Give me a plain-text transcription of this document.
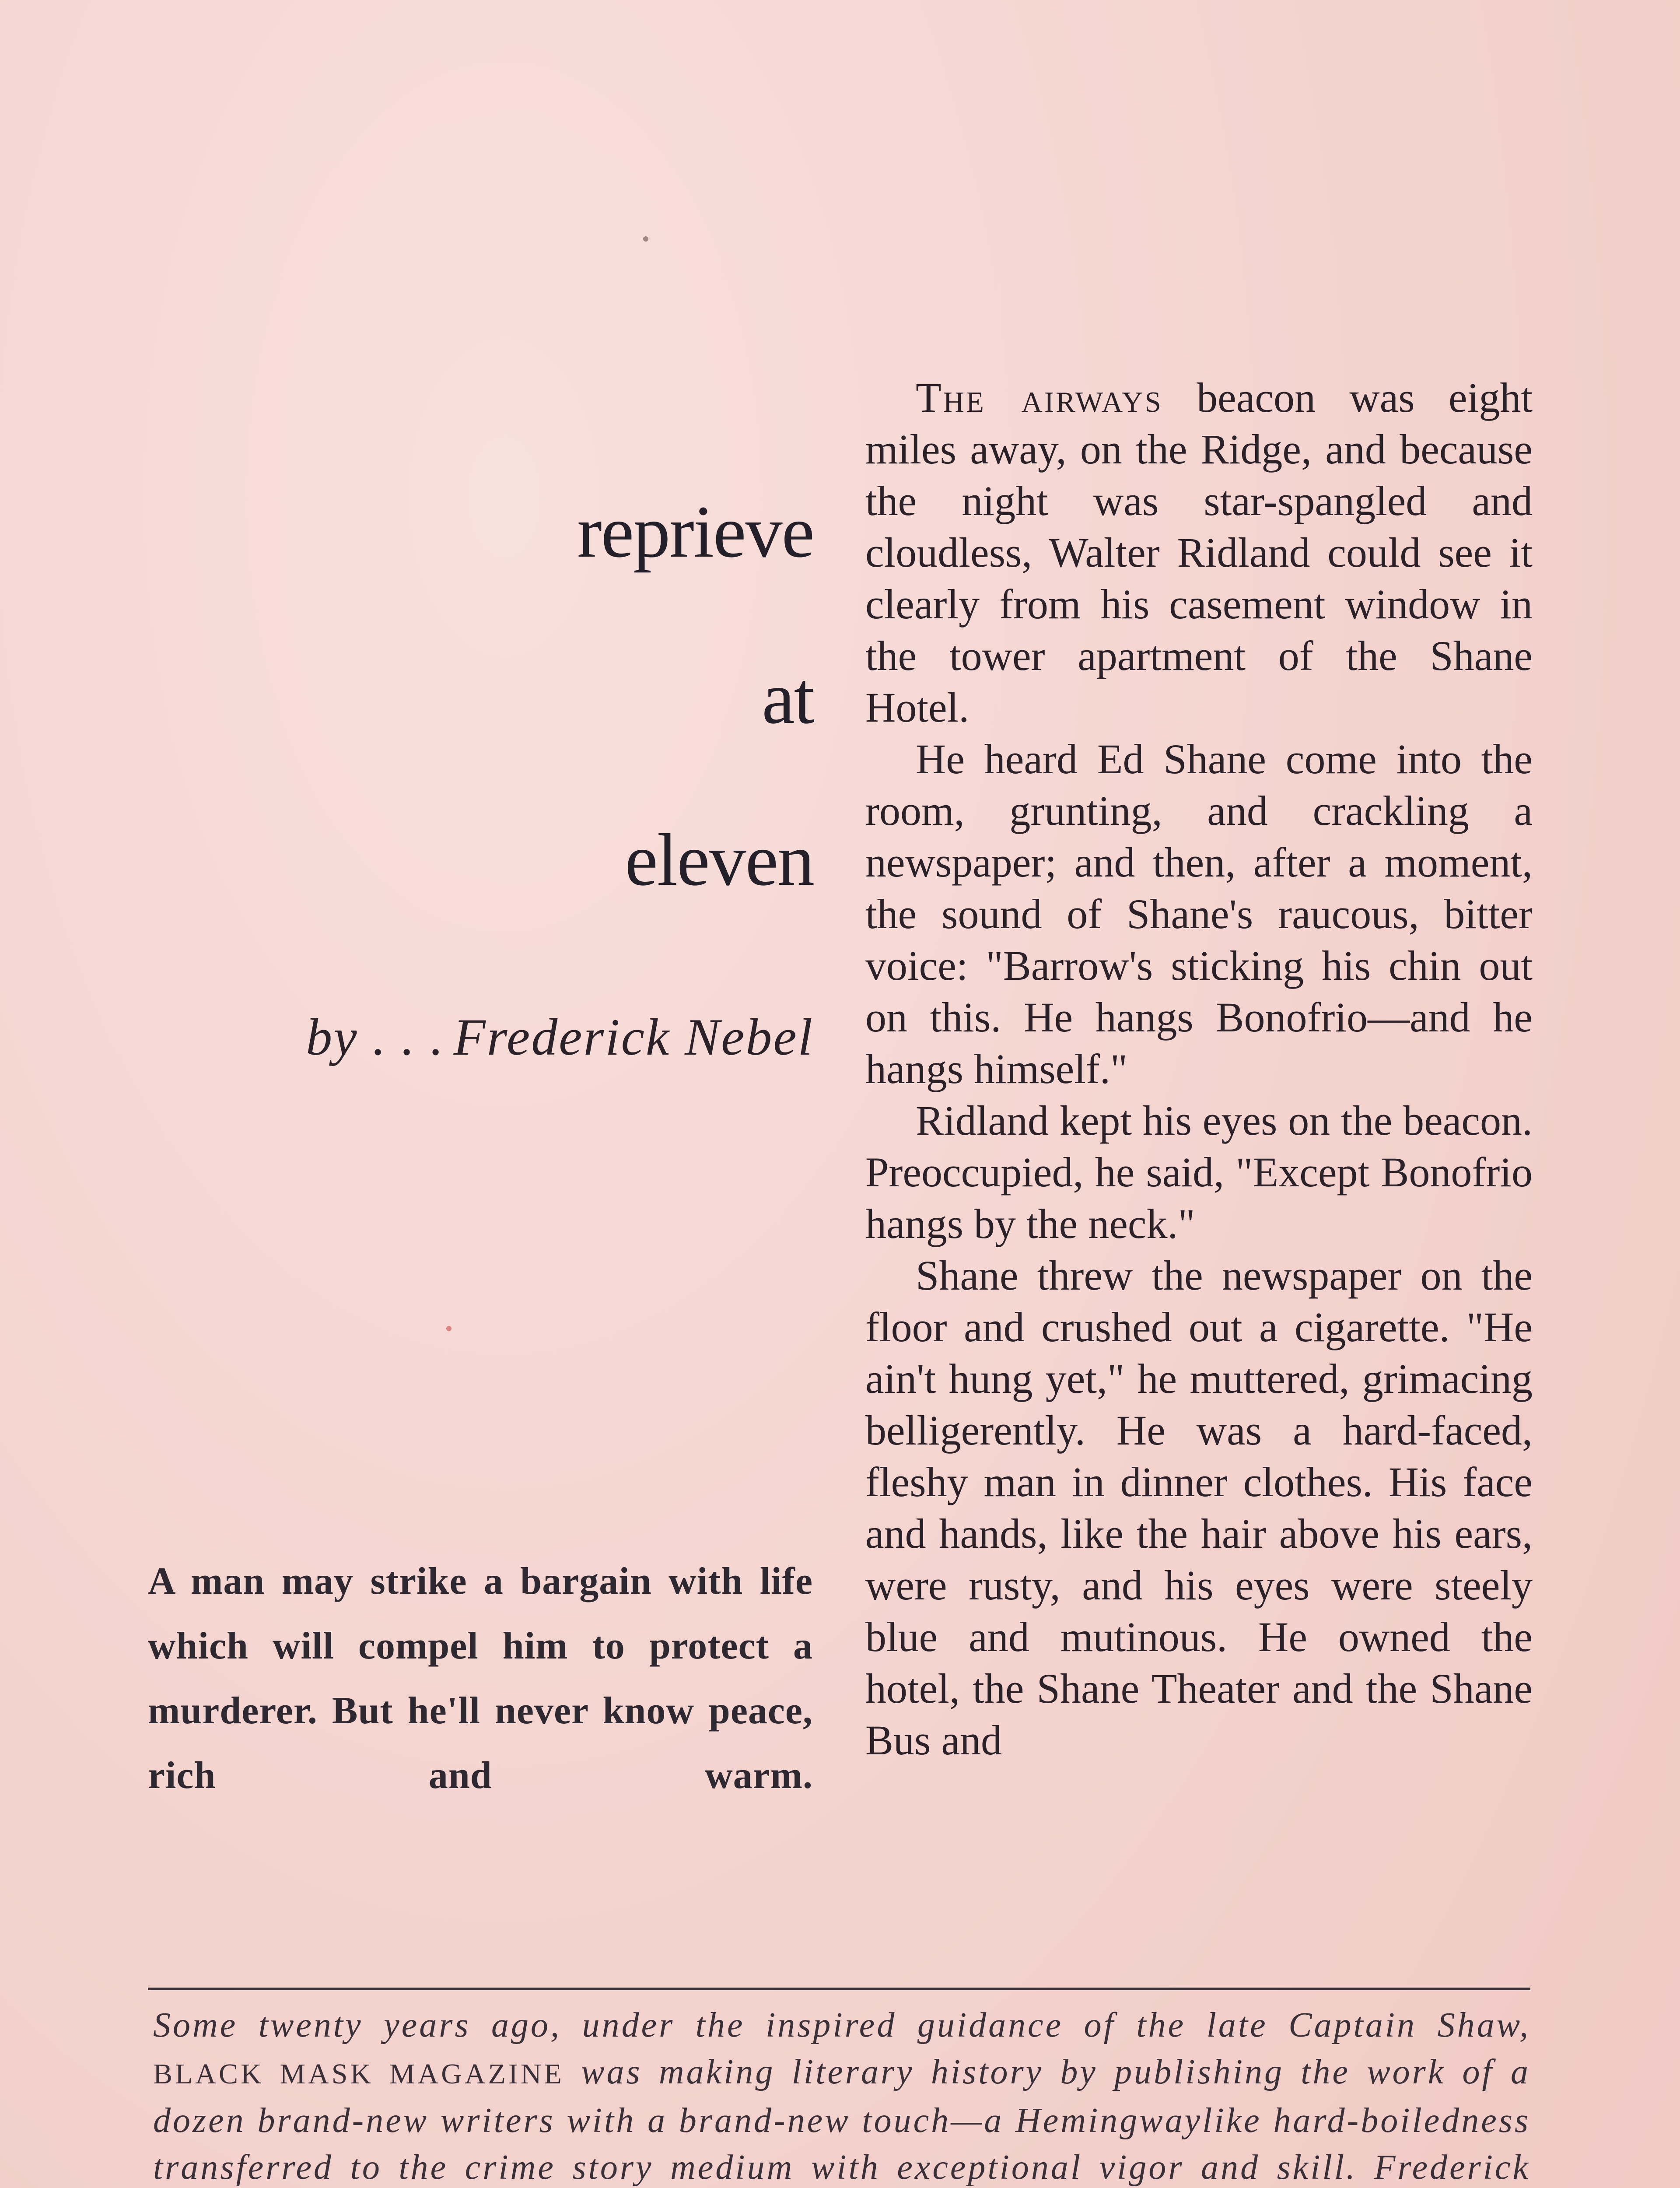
reprieve
at
eleven

by . . . Frederick Nebel

A man may strike a bargain with life which will compel him to protect a murderer. But he'll never know peace, rich and warm.

The airways beacon was eight miles away, on the Ridge, and because the night was star-spangled and cloudless, Walter Ridland could see it clearly from his casement window in the tower apartment of the Shane Hotel.

He heard Ed Shane come into the room, grunting, and crackling a newspaper; and then, after a moment, the sound of Shane's raucous, bitter voice: "Barrow's sticking his chin out on this. He hangs Bonofrio—and he hangs himself."

Ridland kept his eyes on the beacon. Preoccupied, he said, "Except Bonofrio hangs by the neck."

Shane threw the newspaper on the floor and crushed out a cigarette. "He ain't hung yet," he muttered, grimacing belligerently. He was a hard-faced, fleshy man in dinner clothes. His face and hands, like the hair above his ears, were rusty, and his eyes were steely blue and mutinous. He owned the hotel, the Shane Theater and the Shane Bus and

Some twenty years ago, under the inspired guidance of the late Captain Shaw, BLACK MASK MAGAZINE was making literary history by publishing the work of a dozen brand-new writers with a brand-new touch—a Hemingwaylike hard-boiledness transferred to the crime story medium with exceptional vigor and skill. Frederick
